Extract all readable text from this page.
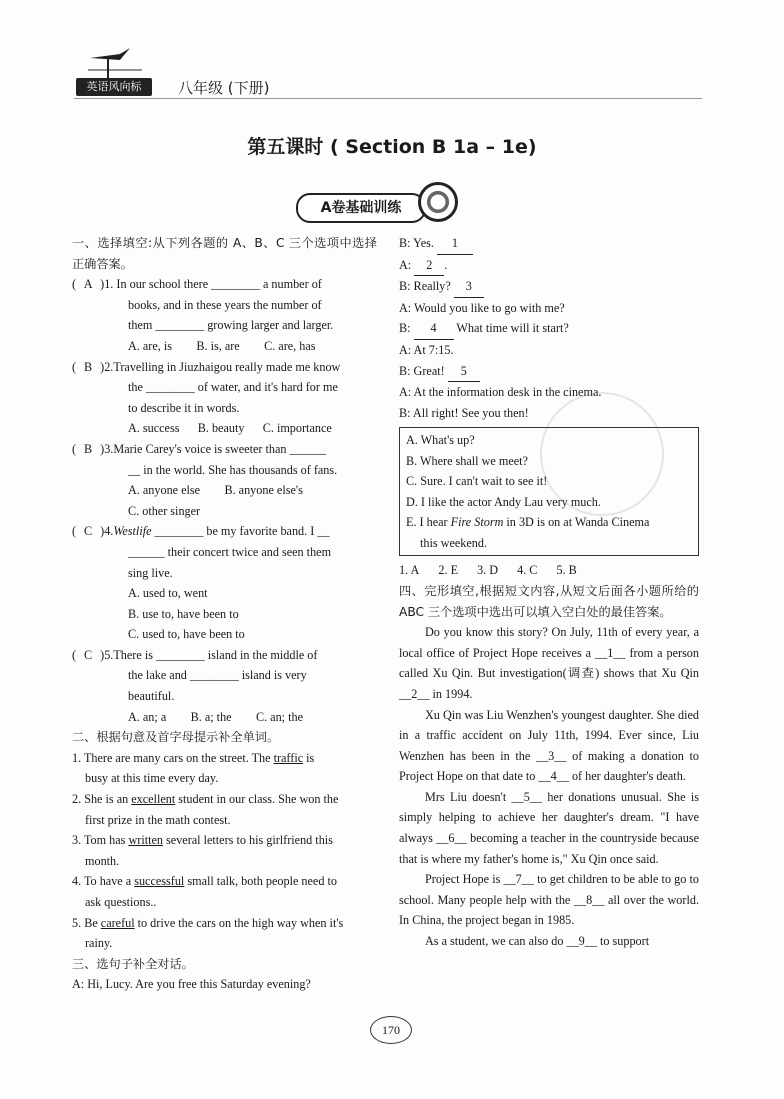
英语风向标	八年级 (下册)
第五课时 ( Section B 1a – 1e)
A卷基础训练
一、选择填空:从下列各题的 A、B、C 三个选项中选择正确答案。
( A )1. In our school there ________ a number of
books, and in these years the number of
them ________ growing larger and larger.
A. are, is        B. is, are        C. are, has
( B )2.Travelling in Jiuzhaigou really made me know
the ________ of water, and it's hard for me
to describe it in words.
A. success      B. beauty      C. importance
( B )3.Marie Carey's voice is sweeter than ______
__ in the world. She has thousands of fans.
A. anyone else        B. anyone else's
C. other singer
( C )4.Westlife ________ be my favorite band. I __
______ their concert twice and seen them
sing live.
A. used to, went
B. use to, have been to
C. used to, have been to
( C )5.There is ________ island in the middle of
the lake and ________ island is very
beautiful.
A. an; a        B. a; the        C. an; the
二、根据句意及首字母提示补全单词。
1. There are many cars on the street. The traffic is
busy at this time every day.
2. She is an excellent student in our class. She won the
first prize in the math contest.
3. Tom has written several letters to his girlfriend this
month.
4. To have a successful small talk, both people need to
ask questions..
5. Be careful to drive the cars on the high way when it's
rainy.
三、选句子补全对话。
A: Hi, Lucy. Are you free this Saturday evening?
B: Yes. 1
A: 2 .
B: Really? 3
A: Would you like to go with me?
B: 4 What time will it start?
A: At 7:15.
B: Great! 5
A: At the information desk in the cinema.
B: All right! See you then!
A. What's up?
B. Where shall we meet?
C. Sure. I can't wait to see it!
D. I like the actor Andy Lau very much.
E. I hear Fire Storm in 3D is on at Wanda Cinema
this weekend.
1. A 2. E 3. D 4. C 5. B
四、完形填空,根据短文内容,从短文后面各小题所给的 ABC 三个选项中选出可以填入空白处的最佳答案。
Do you know this story? On July, 11th of every year, a local office of Project Hope receives a __1__ from a person called Xu Qin. But investigation(调查) shows that Xu Qin __2__ in 1994.
Xu Qin was Liu Wenzhen's youngest daughter. She died in a traffic accident on July 11th, 1994. Ever since, Liu Wenzhen has been in the __3__ of making a donation to Project Hope on that date to __4__ of her daughter's death.
Mrs Liu doesn't __5__ her donations unusual. She is simply helping to achieve her daughter's dream. "I have always __6__ becoming a teacher in the countryside because that is where my father's home is," Xu Qin once said.
Project Hope is __7__ to get children to be able to go to school. Many people help with the __8__ all over the world. In China, the project began in 1985.
As a student, we can also do __9__ to support
170
